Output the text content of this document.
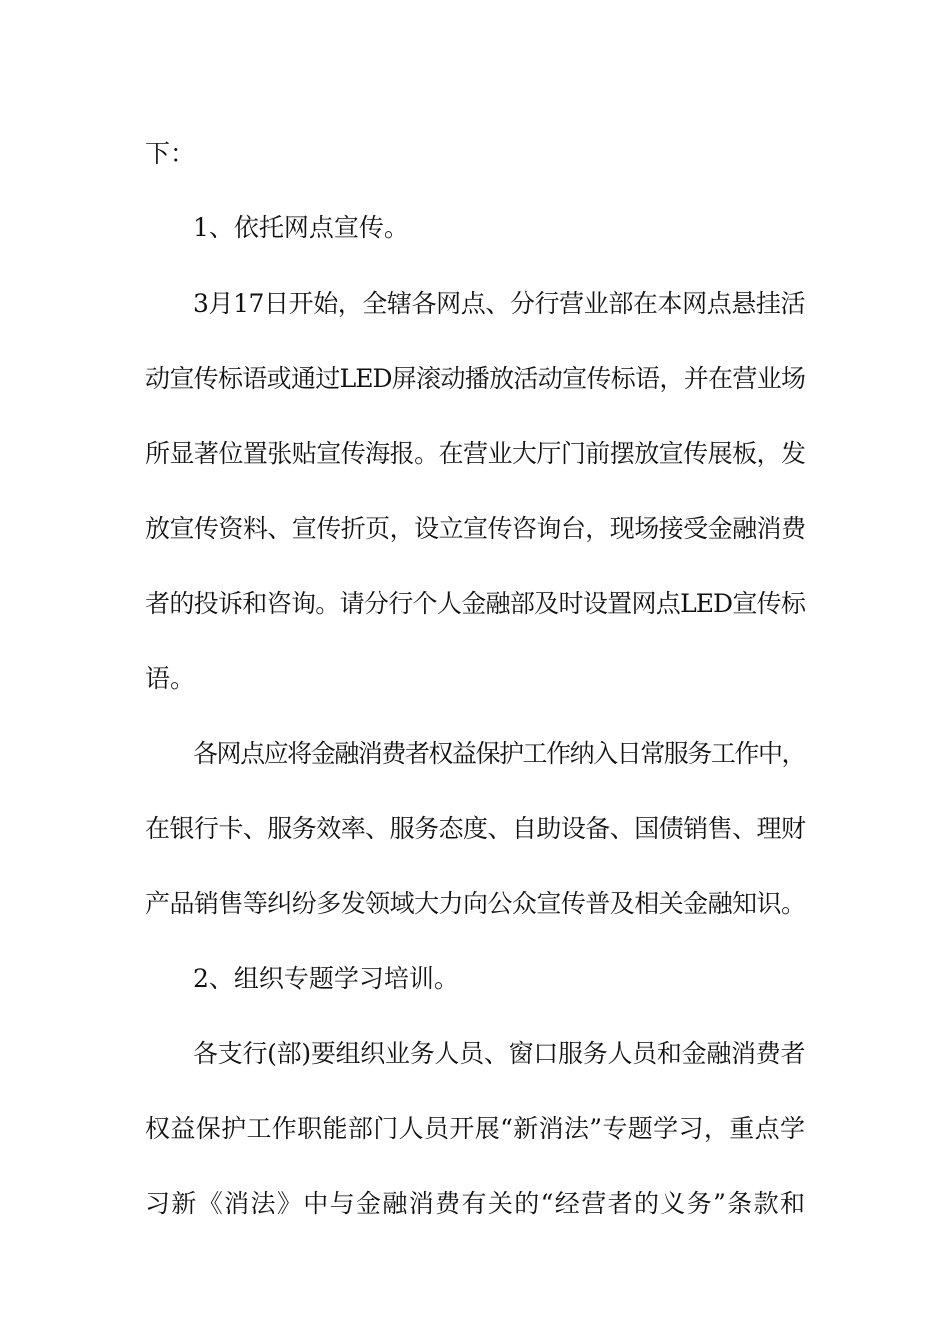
下：
1、依托网点宣传。
3月17日开始，全辖各网点、分行营业部在本网点悬挂活
动宣传标语或通过LED屏滚动播放活动宣传标语，并在营业场
所显著位置张贴宣传海报。在营业大厅门前摆放宣传展板，发
放宣传资料、宣传折页，设立宣传咨询台，现场接受金融消费
者的投诉和咨询。请分行个人金融部及时设置网点LED宣传标
语。
各网点应将金融消费者权益保护工作纳入日常服务工作中，
在银行卡、服务效率、服务态度、自助设备、国债销售、理财
产品销售等纠纷多发领域大力向公众宣传普及相关金融知识。
2、组织专题学习培训。
各支行(部)要组织业务人员、窗口服务人员和金融消费者
权益保护工作职能部门人员开展“新消法”专题学习，重点学
习新《消法》中与金融消费有关的“经营者的义务”条款和
